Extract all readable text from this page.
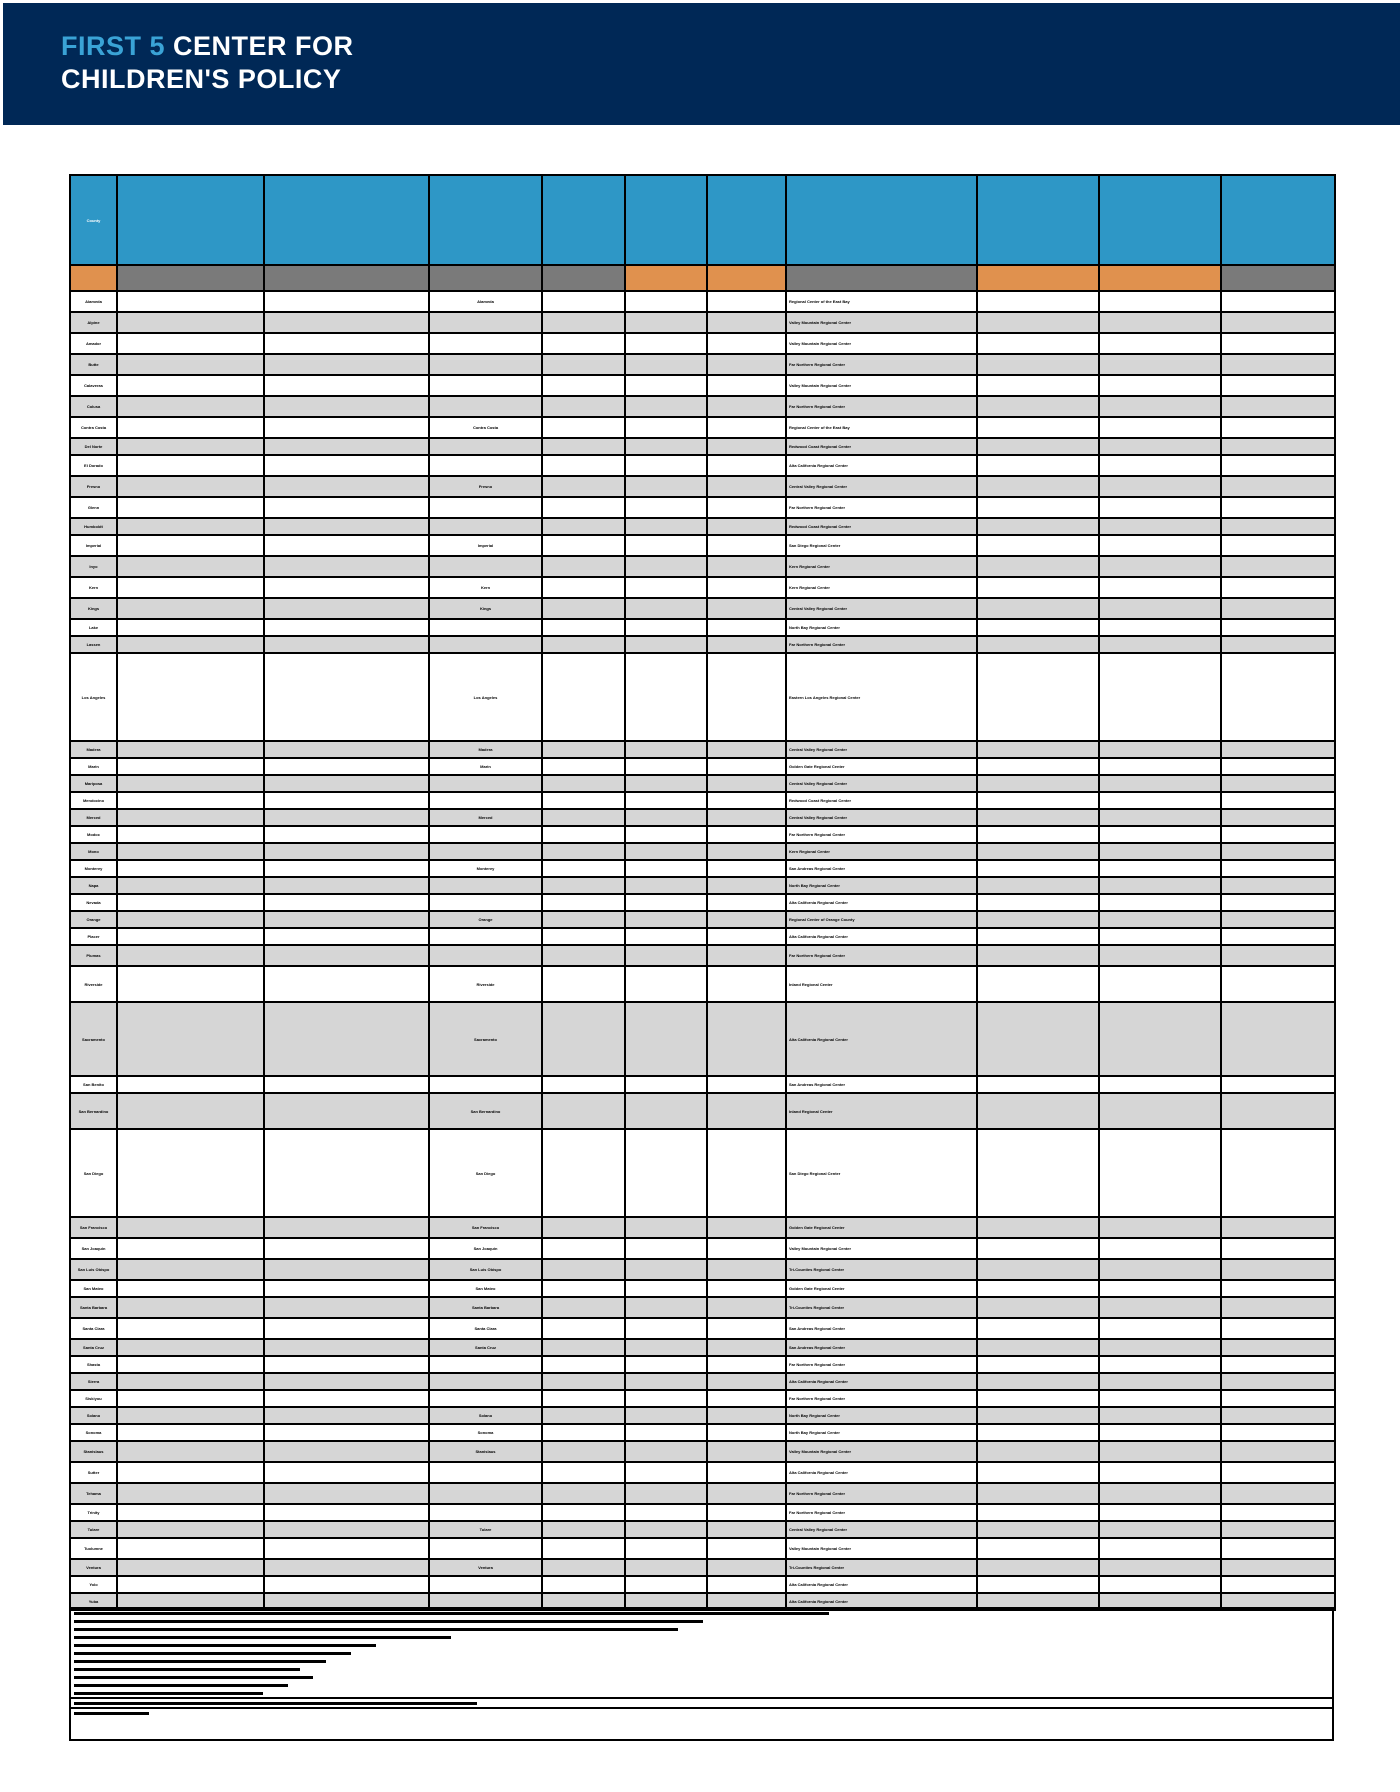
FIRST 5 CENTER FOR
CHILDREN'S POLICY
County										

Alameda			Alameda				Regional Center of the East Bay			
Alpine							Valley Mountain Regional Center			
Amador							Valley Mountain Regional Center			
Butte							Far Northern Regional Center			
Calaveras							Valley Mountain Regional Center			
Colusa							Far Northern Regional Center			
Contra Costa			Contra Costa				Regional Center of the East Bay			
Del Norte							Redwood Coast Regional Center			
El Dorado							Alta California Regional Center			
Fresno			Fresno				Central Valley Regional Center			
Glenn							Far Northern Regional Center			
Humboldt							Redwood Coast Regional Center			
Imperial			Imperial				San Diego Regional Center			
Inyo							Kern Regional Center			
Kern			Kern				Kern Regional Center			
Kings			Kings				Central Valley Regional Center			
Lake							North Bay Regional Center			
Lassen							Far Northern Regional Center			
Los Angeles			Los Angeles				Eastern Los Angeles Regional Center			
Madera			Madera				Central Valley Regional Center			
Marin			Marin				Golden Gate Regional Center			
Mariposa							Central Valley Regional Center			
Mendocino							Redwood Coast Regional Center			
Merced			Merced				Central Valley Regional Center			
Modoc							Far Northern Regional Center			
Mono							Kern Regional Center			
Monterey			Monterey				San Andreas Regional Center			
Napa							North Bay Regional Center			
Nevada							Alta California Regional Center			
Orange			Orange				Regional Center of Orange County			
Placer							Alta California Regional Center			
Plumas							Far Northern Regional Center			
Riverside			Riverside				Inland Regional Center			
Sacramento			Sacramento				Alta California Regional Center			
San Benito							San Andreas Regional Center			
San Bernardino			San Bernardino				Inland Regional Center			
San Diego			San Diego				San Diego Regional Center			
San Francisco			San Francisco				Golden Gate Regional Center			
San Joaquin			San Joaquin				Valley Mountain Regional Center			
San Luis Obispo			San Luis Obispo				Tri-Counties Regional Center			
San Mateo			San Mateo				Golden Gate Regional Center			
Santa Barbara			Santa Barbara				Tri-Counties Regional Center			
Santa Clara			Santa Clara				San Andreas Regional Center			
Santa Cruz			Santa Cruz				San Andreas Regional Center			
Shasta							Far Northern Regional Center			
Sierra							Alta California Regional Center			
Siskiyou							Far Northern Regional Center			
Solano			Solano				North Bay Regional Center			
Sonoma			Sonoma				North Bay Regional Center			
Stanislaus			Stanislaus				Valley Mountain Regional Center			
Sutter							Alta California Regional Center			
Tehama							Far Northern Regional Center			
Trinity							Far Northern Regional Center			
Tulare			Tulare				Central Valley Regional Center			
Tuolumne							Valley Mountain Regional Center			
Ventura			Ventura				Tri-Counties Regional Center			
Yolo							Alta California Regional Center			
Yuba							Alta California Regional Center			
